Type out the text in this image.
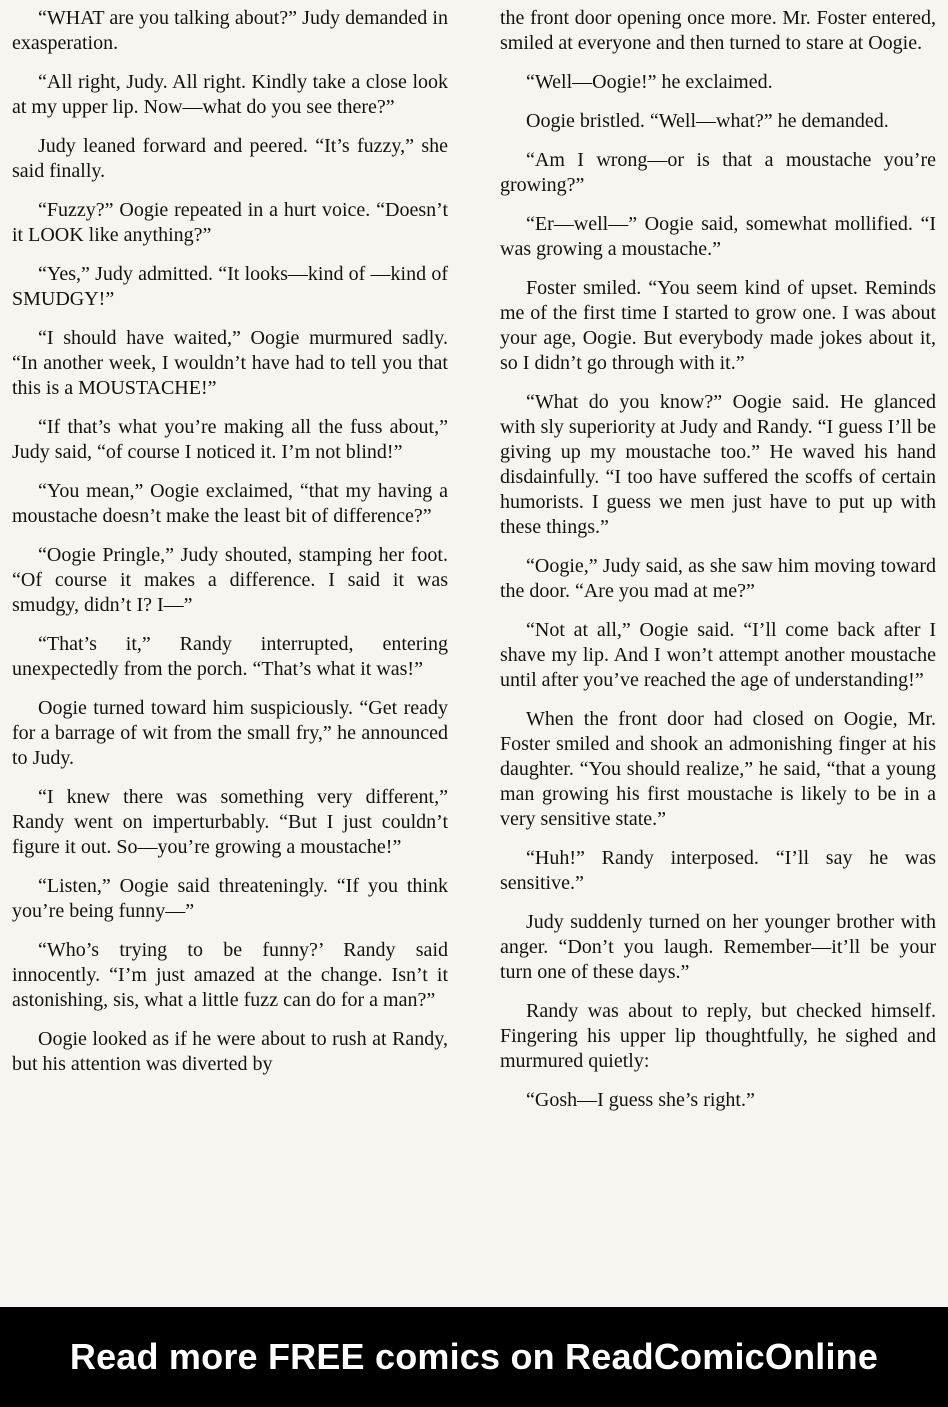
“WHAT are you talking about?” Judy demanded in exasperation.

“All right, Judy. All right. Kindly take a close look at my upper lip. Now—what do you see there?”

Judy leaned forward and peered. “It’s fuzzy,” she said finally.

“Fuzzy?” Oogie repeated in a hurt voice. “Doesn’t it LOOK like anything?”

“Yes,” Judy admitted. “It looks—kind of —kind of SMUDGY!”

“I should have waited,” Oogie murmured sadly. “In another week, I wouldn’t have had to tell you that this is a MOUSTACHE!”

“If that’s what you’re making all the fuss about,” Judy said, “of course I noticed it. I’m not blind!”

“You mean,” Oogie exclaimed, “that my having a moustache doesn’t make the least bit of difference?”

“Oogie Pringle,” Judy shouted, stamping her foot. “Of course it makes a difference. I said it was smudgy, didn’t I? I—”

“That’s it,” Randy interrupted, entering unexpectedly from the porch. “That’s what it was!”

Oogie turned toward him suspiciously. “Get ready for a barrage of wit from the small fry,” he announced to Judy.

“I knew there was something very different,” Randy went on imperturbably. “But I just couldn’t figure it out. So—you’re growing a moustache!”

“Listen,” Oogie said threateningly. “If you think you’re being funny—”

“Who’s trying to be funny?’ Randy said innocently. “I’m just amazed at the change. Isn’t it astonishing, sis, what a little fuzz can do for a man?”

Oogie looked as if he were about to rush at Randy, but his attention was diverted by

the front door opening once more. Mr. Foster entered, smiled at everyone and then turned to stare at Oogie.

“Well—Oogie!” he exclaimed.

Oogie bristled. “Well—what?” he demanded.

“Am I wrong—or is that a moustache you’re growing?”

“Er—well—” Oogie said, somewhat mollified. “I was growing a moustache.”

Foster smiled. “You seem kind of upset. Reminds me of the first time I started to grow one. I was about your age, Oogie. But everybody made jokes about it, so I didn’t go through with it.”

“What do you know?” Oogie said. He glanced with sly superiority at Judy and Randy. “I guess I’ll be giving up my moustache too.” He waved his hand disdainfully. “I too have suffered the scoffs of certain humorists. I guess we men just have to put up with these things.”

“Oogie,” Judy said, as she saw him moving toward the door. “Are you mad at me?”

“Not at all,” Oogie said. “I’ll come back after I shave my lip. And I won’t attempt another moustache until after you’ve reached the age of understanding!”

When the front door had closed on Oogie, Mr. Foster smiled and shook an admonishing finger at his daughter. “You should realize,” he said, “that a young man growing his first moustache is likely to be in a very sensitive state.”

“Huh!” Randy interposed. “I’ll say he was sensitive.”

Judy suddenly turned on her younger brother with anger. “Don’t you laugh. Remember—it’ll be your turn one of these days.”

Randy was about to reply, but checked himself. Fingering his upper lip thoughtfully, he sighed and murmured quietly:

“Gosh—I guess she’s right.”

Read more FREE comics on ReadComicOnline
